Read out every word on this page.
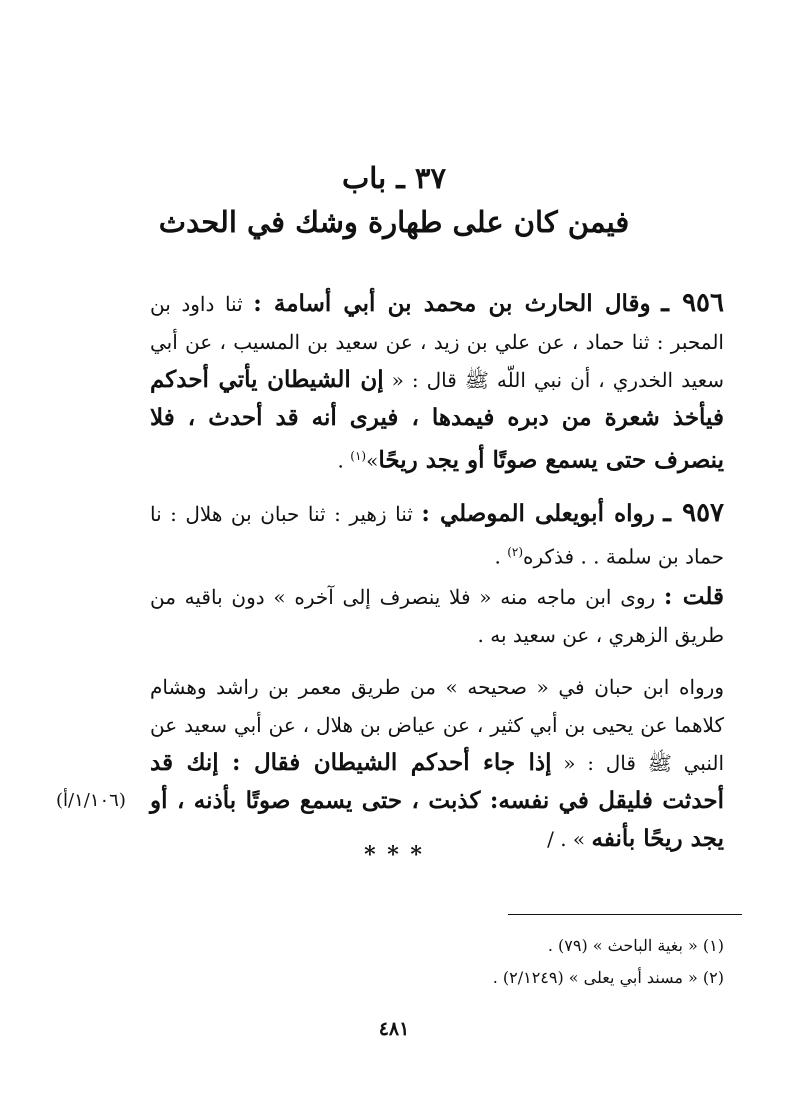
٣٧ ـ باب
فيمن كان على طهارة وشك في الحدث
٩٥٦ ـ وقال الحارث بن محمد بن أبي أسامة : ثنا داود بن المحبر : ثنا حماد ، عن علي بن زيد ، عن سعيد بن المسيب ، عن أبي سعيد الخدري ، أن نبي اللّه ﷺ قال : « إن الشيطان يأتي أحدكم فيأخذ شعرة من دبره فيمدها ، فيرى أنه قد أحدث ، فلا ينصرف حتى يسمع صوتًا أو يجد ريحًا»$^{(١)}$ .
٩٥٧ ـ رواه أبويعلى الموصلي : ثنا زهير : ثنا حبان بن هلال : نا حماد بن سلمة . . فذكره$^{(٢)}$ .
قلت : روى ابن ماجه منه « فلا ينصرف إلى آخره » دون باقيه من طريق الزهري ، عن سعيد به .
ورواه ابن حبان في « صحيحه » من طريق معمر بن راشد وهشام كلاهما عن يحيى بن أبي كثير ، عن عياض بن هلال ، عن أبي سعيد عن النبي ﷺ قال : « إذا جاء أحدكم الشيطان فقال : إنك قد أحدثت فليقل في نفسه: كذبت ، حتى يسمع صوتًا بأذنه ، أو يجد ريحًا بأنفه » . /
(١/١٠٦/أ)
* * *
(١) « بغية الباحث » (٧٩) .
(٢) « مسند أبي يعلى » (٢/١٢٤٩) .
٤٨١
